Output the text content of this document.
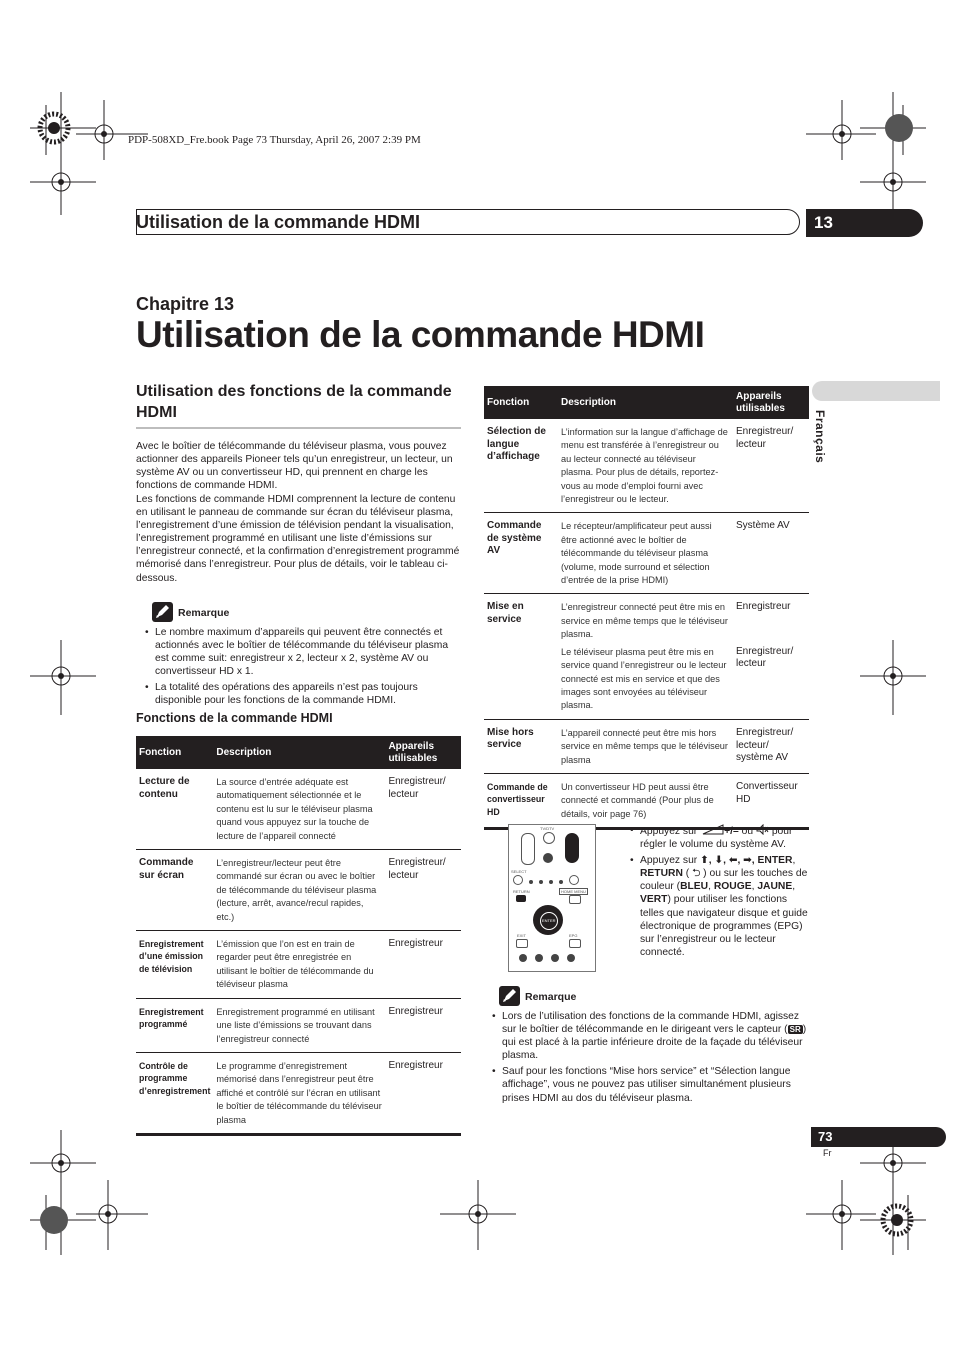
PDP-508XD_Fre.book Page 73 Thursday, April 26, 2007 2:39 PM
Utilisation de la commande HDMI	13
Chapitre 13
Utilisation de la commande HDMI
Français
Utilisation des fonctions de la commande HDMI
Avec le boîtier de télécommande du téléviseur plasma, vous pouvez actionner des appareils Pioneer tels qu’un enregistreur, un lecteur, un système AV ou un convertisseur HD, qui prennent en charge les fonctions de commande HDMI.
Les fonctions de commande HDMI comprennent la lecture de contenu en utilisant le panneau de commande sur écran du téléviseur plasma, l’enregistrement d’une émission de télévision pendant la visualisation, l’enregistrement programmé en utilisant une liste d’émissions sur l’enregistreur connecté, et la confirmation d’enregistrement programmé mémorisé dans l’enregistreur. Pour plus de détails, voir le tableau ci-dessous.
Remarque
• Le nombre maximum d’appareils qui peuvent être connectés et actionnés avec le boîtier de télécommande du téléviseur plasma est comme suit: enregistreur x 2, lecteur x 2, système AV ou convertisseur HD x 1.
• La totalité des opérations des appareils n’est pas toujours disponible pour les fonctions de la commande HDMI.
Fonctions de la commande HDMI
Fonction	Description	Appareils utilisables
Lecture de contenu	La source d’entrée adéquate est automatiquement sélectionnée et le contenu est lu sur le téléviseur plasma quand vous appuyez sur la touche de lecture de l’appareil connecté	Enregistreur/ lecteur
Commande sur écran	L’enregistreur/lecteur peut être commandé sur écran ou avec le boîtier de télécommande du téléviseur plasma (lecture, arrêt, avance/recul rapides, etc.)	Enregistreur/ lecteur
Enregistrement d’une émission de télévision	L’émission que l’on est en train de regarder peut être enregistrée en utilisant le boîtier de télécommande du téléviseur plasma	Enregistreur
Enregistrement programmé	Enregistrement programmé en utilisant une liste d’émissions se trouvant dans l’enregistreur connecté	Enregistreur
Contrôle de programme d’enregistrement	Le programme d’enregistrement mémorisé dans l’enregistreur peut être affiché et contrôlé sur l’écran en utilisant le boîtier de télécommande du téléviseur plasma	Enregistreur
Fonction	Description	Appareils utilisables
Sélection de langue d’affichage	L’information sur la langue d’affichage de menu est transférée à l’enregistreur ou au lecteur connecté au téléviseur plasma. Pour plus de détails, reportez-vous au mode d’emploi fourni avec l’enregistreur ou le lecteur.	Enregistreur/ lecteur
Commande de système AV	Le récepteur/amplificateur peut aussi être actionné avec le boîtier de télécommande du téléviseur plasma (volume, mode surround et sélection d’entrée de la prise HDMI)	Système AV
Mise en service	L’enregistreur connecté peut être mis en service en même temps que le téléviseur plasma.	Enregistreur
	Le téléviseur plasma peut être mis en service quand l’enregistreur ou le lecteur connecté est mis en service et que des images sont envoyées au téléviseur plasma.	Enregistreur/ lecteur
Mise hors service	L’appareil connecté peut être mis hors service en même temps que le téléviseur plasma	Enregistreur/ lecteur/ système AV
Commande de convertisseur HD	Un convertisseur HD peut aussi être connecté et commandé (Pour plus de détails, voir page 76)	Convertisseur HD
TV/DTV
SELECT
RETURN	HOME MENU
ENTER
EXIT	EPG
• Appuyez sur	+/– ou pour régler le volume du système AV.
• Appuyez sur ⬆, ⬇, ⬅, ➡, ENTER, RETURN ( ⮌ ) ou sur les touches de couleur (BLEU, ROUGE, JAUNE, VERT) pour utiliser les fonctions telles que navigateur disque et guide électronique de programmes (EPG) sur l’enregistreur ou le lecteur connecté.
Remarque
• Lors de l’utilisation des fonctions de la commande HDMI, agissez sur le boîtier de télécommande en le dirigeant vers le capteur ( SR ) qui est placé à la partie inférieure droite de la façade du téléviseur plasma.
• Sauf pour les fonctions “Mise hors service” et “Sélection langue affichage”, vous ne pouvez pas utiliser simultanément plusieurs prises HDMI au dos du téléviseur plasma.
73
Fr
